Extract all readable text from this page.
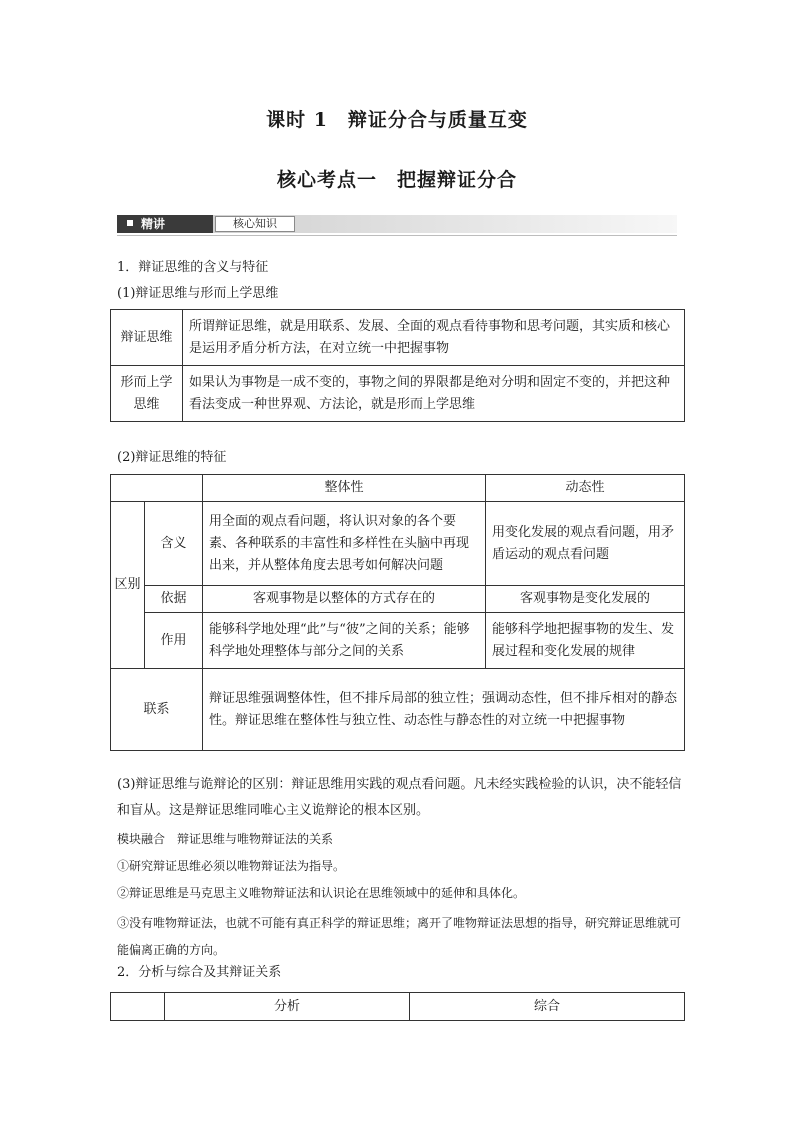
课时 1　辩证分合与质量互变
核心考点一　把握辩证分合
精讲	核心知识
1．辩证思维的含义与特征
(1)辩证思维与形而上学思维
辩证思维	所谓辩证思维，就是用联系、发展、全面的观点看待事物和思考问题，其实质和核心是运用矛盾分析方法，在对立统一中把握事物
形而上学思维	如果认为事物是一成不变的，事物之间的界限都是绝对分明和固定不变的，并把这种看法变成一种世界观、方法论，就是形而上学思维
(2)辩证思维的特征
		整体性	动态性
区别	含义	用全面的观点看问题，将认识对象的各个要素、各种联系的丰富性和多样性在头脑中再现出来，并从整体角度去思考如何解决问题	用变化发展的观点看问题，用矛盾运动的观点看问题
	依据	客观事物是以整体的方式存在的	客观事物是变化发展的
	作用	能够科学地处理“此”与“彼”之间的关系；能够科学地处理整体与部分之间的关系	能够科学地把握事物的发生、发展过程和变化发展的规律
联系		辩证思维强调整体性，但不排斥局部的独立性；强调动态性，但不排斥相对的静态性。辩证思维在整体性与独立性、动态性与静态性的对立统一中把握事物	
(3)辩证思维与诡辩论的区别：辩证思维用实践的观点看问题。凡未经实践检验的认识，决不能轻信和盲从。这是辩证思维同唯心主义诡辩论的根本区别。
模块融合　辩证思维与唯物辩证法的关系
①研究辩证思维必须以唯物辩证法为指导。
②辩证思维是马克思主义唯物辩证法和认识论在思维领域中的延伸和具体化。
③没有唯物辩证法，也就不可能有真正科学的辩证思维；离开了唯物辩证法思想的指导，研究辩证思维就可能偏离正确的方向。
2．分析与综合及其辩证关系
	分析	综合
